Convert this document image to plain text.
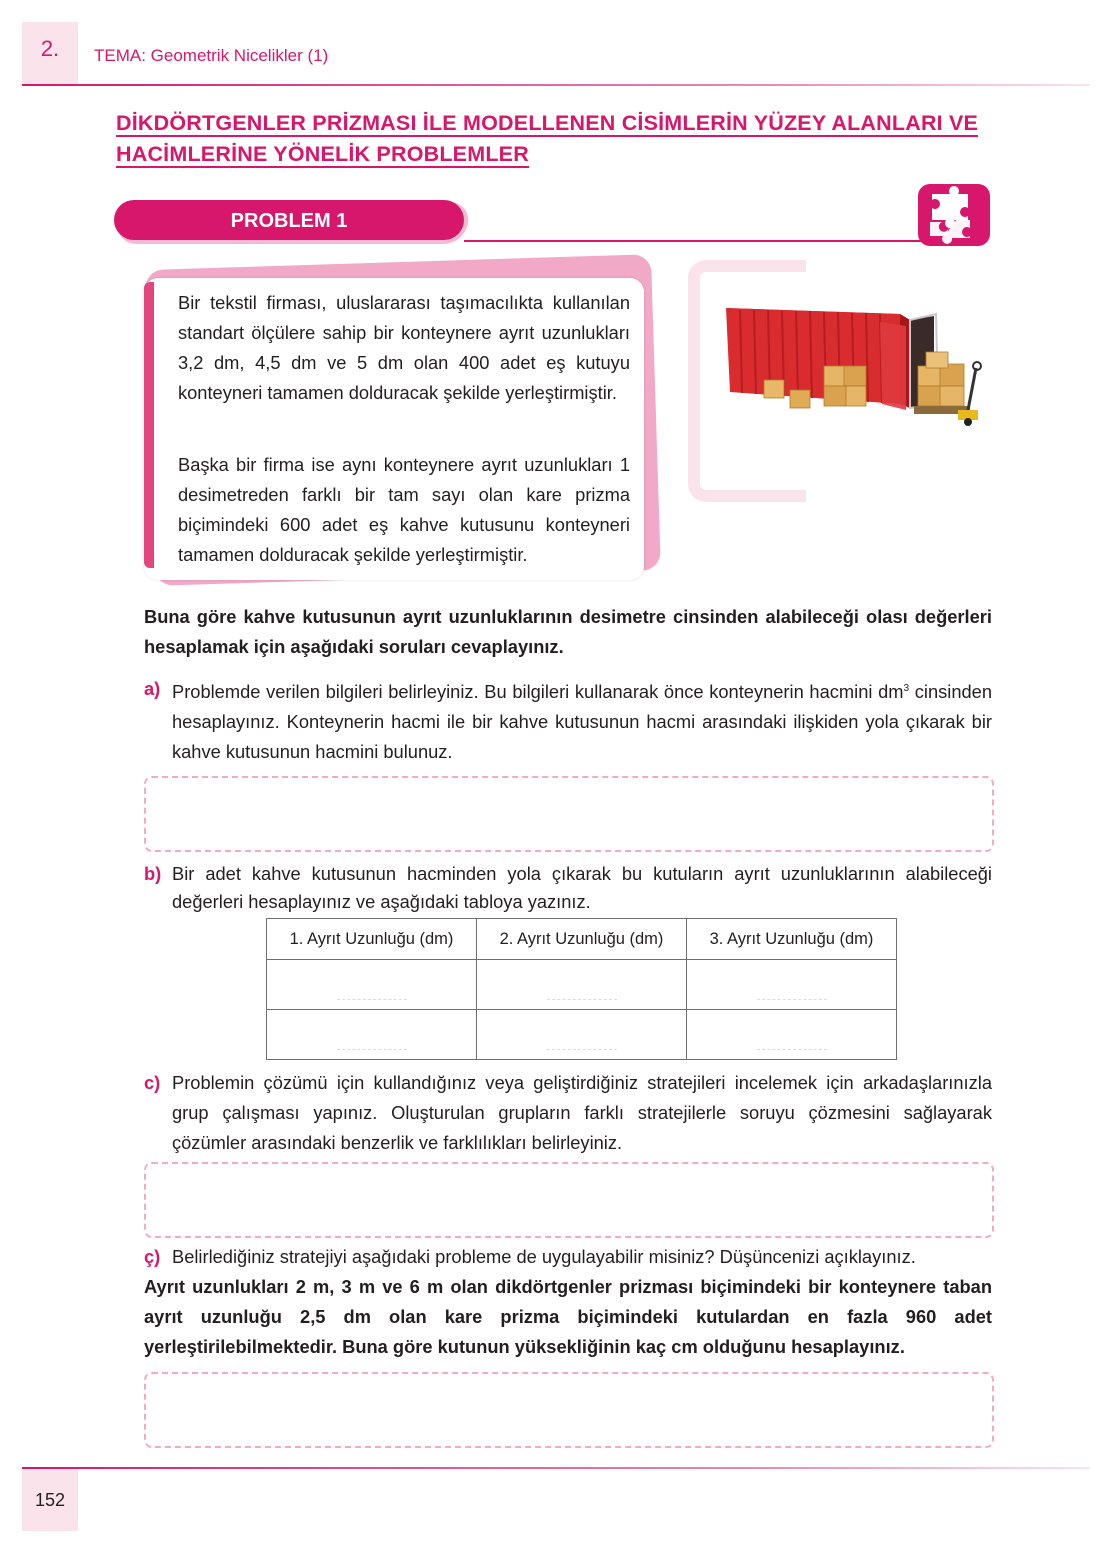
2.	TEMA: Geometrik Nicelikler (1)
DİKDÖRTGENLER PRİZMASI İLE MODELLENEN CİSİMLERİN YÜZEY ALANLARI VE
HACİMLERİNE YÖNELİK PROBLEMLER
PROBLEM 1
Bir tekstil firması, uluslararası taşımacılıkta kullanılan standart ölçülere sahip bir konteynere ayrıt uzunlukları 3,2 dm, 4,5 dm ve 5 dm olan 400 adet eş kutuyu konteyneri tamamen dolduracak şekilde yerleştirmiştir.
Başka bir firma ise aynı konteynere ayrıt uzunlukları 1 desimetreden farklı bir tam sayı olan kare prizma biçimindeki 600 adet eş kahve kutusunu konteyneri tamamen dolduracak şekilde yerleştirmiştir.
Buna göre kahve kutusunun ayrıt uzunluklarının desimetre cinsinden alabileceği olası değerleri hesaplamak için aşağıdaki soruları cevaplayınız.
a) Problemde verilen bilgileri belirleyiniz. Bu bilgileri kullanarak önce konteynerin hacmini $dm^3$ cinsinden hesaplayınız. Konteynerin hacmi ile bir kahve kutusunun hacmi arasındaki ilişkiden yola çıkarak bir kahve kutusunun hacmini bulunuz.
b) Bir adet kahve kutusunun hacminden yola çıkarak bu kutuların ayrıt uzunluklarının alabileceği değerleri hesaplayınız ve aşağıdaki tabloya yazınız.
1. Ayrıt Uzunluğu (dm)	2. Ayrıt Uzunluğu (dm)	3. Ayrıt Uzunluğu (dm)

c) Problemin çözümü için kullandığınız veya geliştirdiğiniz stratejileri incelemek için arkadaşlarınızla grup çalışması yapınız. Oluşturulan grupların farklı stratejilerle soruyu çözmesini sağlayarak çözümler arasındaki benzerlik ve farklılıkları belirleyiniz.
ç) Belirlediğiniz stratejiyi aşağıdaki probleme de uygulayabilir misiniz? Düşüncenizi açıklayınız.
Ayrıt uzunlukları 2 m, 3 m ve 6 m olan dikdörtgenler prizması biçimindeki bir konteynere taban ayrıt uzunluğu 2,5 dm olan kare prizma biçimindeki kutulardan en fazla 960 adet yerleştirilebilmektedir. Buna göre kutunun yüksekliğinin kaç cm olduğunu hesaplayınız.
152
